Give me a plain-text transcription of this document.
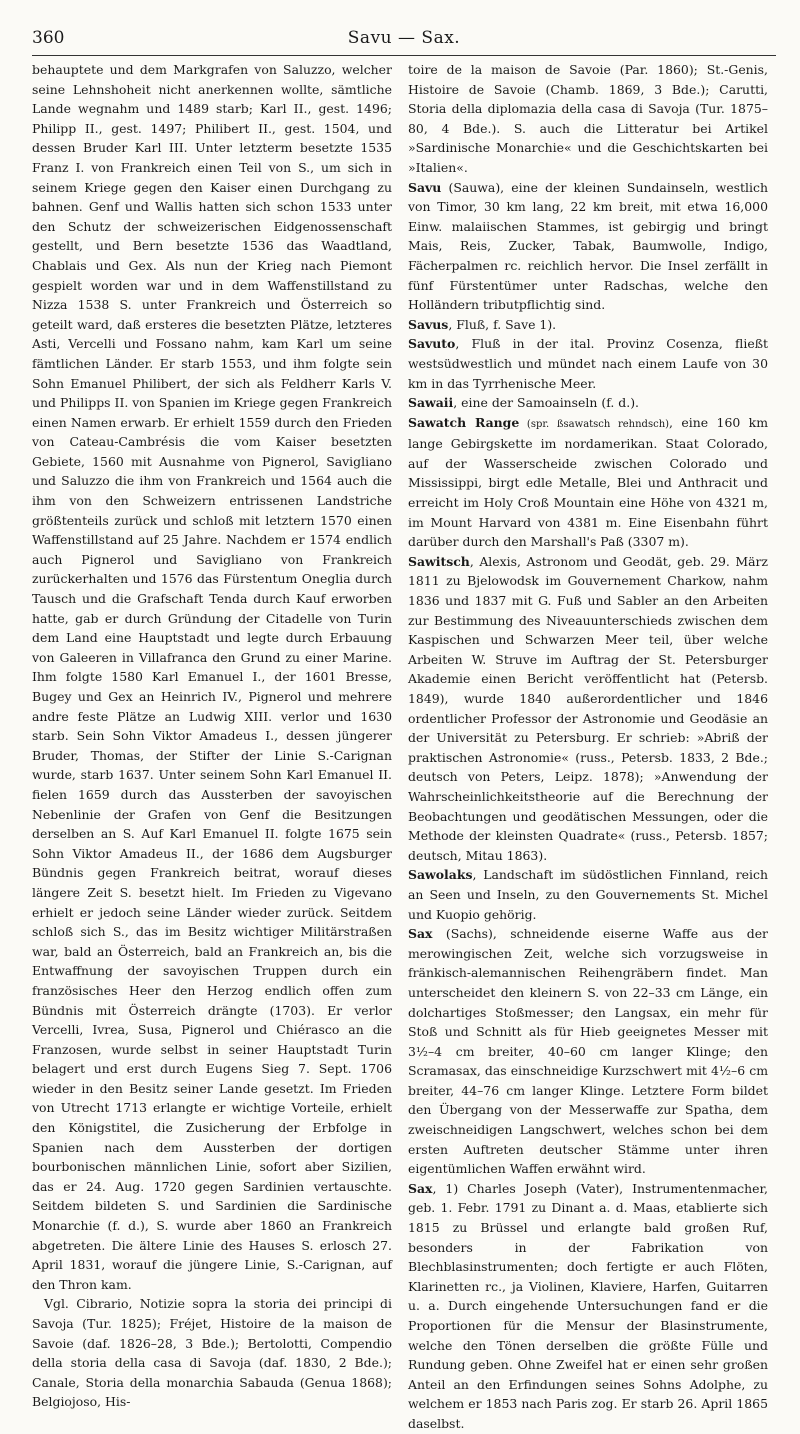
360	Savu — Sax.

behauptete und dem Markgrafen von Saluzzo, welcher seine Lehnshoheit nicht anerkennen wollte, sämtliche Lande wegnahm und 1489 starb; Karl II., gest. 1496; Philipp II., gest. 1497; Philibert II., gest. 1504, und dessen Bruder Karl III. Unter letzterm besetzte 1535 Franz I. von Frankreich einen Teil von S., um sich in seinem Kriege gegen den Kaiser einen Durchgang zu bahnen. Genf und Wallis hatten sich schon 1533 unter den Schutz der schweizerischen Eidgenossenschaft gestellt, und Bern besetzte 1536 das Waadtland, Chablais und Gex. Als nun der Krieg nach Piemont gespielt worden war und in dem Waffenstillstand zu Nizza 1538 S. unter Frankreich und Österreich so geteilt ward, daß ersteres die besetzten Plätze, letzteres Asti, Vercelli und Fossano nahm, kam Karl um seine fämtlichen Länder. Er starb 1553, und ihm folgte sein Sohn Emanuel Philibert, der sich als Feldherr Karls V. und Philipps II. von Spanien im Kriege gegen Frankreich einen Namen erwarb. Er erhielt 1559 durch den Frieden von Cateau-Cambrésis die vom Kaiser besetzten Gebiete, 1560 mit Ausnahme von Pignerol, Savigliano und Saluzzo die ihm von Frankreich und 1564 auch die ihm von den Schweizern entrissenen Landstriche größtenteils zurück und schloß mit letztern 1570 einen Waffenstillstand auf 25 Jahre. Nachdem er 1574 endlich auch Pignerol und Savigliano von Frankreich zurückerhalten und 1576 das Fürstentum Oneglia durch Tausch und die Grafschaft Tenda durch Kauf erworben hatte, gab er durch Gründung der Citadelle von Turin dem Land eine Hauptstadt und legte durch Erbauung von Galeeren in Villafranca den Grund zu einer Marine. Ihm folgte 1580 Karl Emanuel I., der 1601 Bresse, Bugey und Gex an Heinrich IV., Pignerol und mehrere andre feste Plätze an Ludwig XIII. verlor und 1630 starb. Sein Sohn Viktor Amadeus I., dessen jüngerer Bruder, Thomas, der Stifter der Linie S.-Carignan wurde, starb 1637. Unter seinem Sohn Karl Emanuel II. fielen 1659 durch das Aussterben der savoyischen Nebenlinie der Grafen von Genf die Besitzungen derselben an S. Auf Karl Emanuel II. folgte 1675 sein Sohn Viktor Amadeus II., der 1686 dem Augsburger Bündnis gegen Frankreich beitrat, worauf dieses längere Zeit S. besetzt hielt. Im Frieden zu Vigevano erhielt er jedoch seine Länder wieder zurück. Seitdem schloß sich S., das im Besitz wichtiger Militärstraßen war, bald an Österreich, bald an Frankreich an, bis die Entwaffnung der savoyischen Truppen durch ein französisches Heer den Herzog endlich offen zum Bündnis mit Österreich drängte (1703). Er verlor Vercelli, Ivrea, Susa, Pignerol und Chiérasco an die Franzosen, wurde selbst in seiner Hauptstadt Turin belagert und erst durch Eugens Sieg 7. Sept. 1706 wieder in den Besitz seiner Lande gesetzt. Im Frieden von Utrecht 1713 erlangte er wichtige Vorteile, erhielt den Königstitel, die Zusicherung der Erbfolge in Spanien nach dem Aussterben der dortigen bourbonischen männlichen Linie, sofort aber Sizilien, das er 24. Aug. 1720 gegen Sardinien vertauschte. Seitdem bildeten S. und Sardinien die Sardinische Monarchie (f. d.), S. wurde aber 1860 an Frankreich abgetreten. Die ältere Linie des Hauses S. erlosch 27. April 1831, worauf die jüngere Linie, S.-Carignan, auf den Thron kam.

Vgl. Cibrario, Notizie sopra la storia dei principi di Savoja (Tur. 1825); Fréjet, Histoire de la maison de Savoie (daf. 1826–28, 3 Bde.); Bertolotti, Compendio della storia della casa di Savoja (daf. 1830, 2 Bde.); Canale, Storia della monarchia Sabauda (Genua 1868); Belgiojoso, His-

toire de la maison de Savoie (Par. 1860); St.-Genis, Histoire de Savoie (Chamb. 1869, 3 Bde.); Carutti, Storia della diplomazia della casa di Savoja (Tur. 1875–80, 4 Bde.). S. auch die Litteratur bei Artikel »Sardinische Monarchie« und die Geschichtskarten bei »Italien«.

Savu (Sauwa), eine der kleinen Sundainseln, westlich von Timor, 30 km lang, 22 km breit, mit etwa 16,000 Einw. malaiischen Stammes, ist gebirgig und bringt Mais, Reis, Zucker, Tabak, Baumwolle, Indigo, Fächerpalmen rc. reichlich hervor. Die Insel zerfällt in fünf Fürstentümer unter Radschas, welche den Holländern tributpflichtig sind.

Savus, Fluß, f. Save 1).

Savuto, Fluß in der ital. Provinz Cosenza, fließt westsüdwestlich und mündet nach einem Laufe von 30 km in das Tyrrhenische Meer.

Sawaii, eine der Samoainseln (f. d.).

Sawatch Range (spr. ßsawatsch rehndsch), eine 160 km lange Gebirgskette im nordamerikan. Staat Colorado, auf der Wasserscheide zwischen Colorado und Mississippi, birgt edle Metalle, Blei und Anthracit und erreicht im Holy Croß Mountain eine Höhe von 4321 m, im Mount Harvard von 4381 m. Eine Eisenbahn führt darüber durch den Marshall's Paß (3307 m).

Sawitsch, Alexis, Astronom und Geodät, geb. 29. März 1811 zu Bjelowodsk im Gouvernement Charkow, nahm 1836 und 1837 mit G. Fuß und Sabler an den Arbeiten zur Bestimmung des Niveauunterschieds zwischen dem Kaspischen und Schwarzen Meer teil, über welche Arbeiten W. Struve im Auftrag der St. Petersburger Akademie einen Bericht veröffentlicht hat (Petersb. 1849), wurde 1840 außerordentlicher und 1846 ordentlicher Professor der Astronomie und Geodäsie an der Universität zu Petersburg. Er schrieb: »Abriß der praktischen Astronomie« (russ., Petersb. 1833, 2 Bde.; deutsch von Peters, Leipz. 1878); »Anwendung der Wahrscheinlichkeitstheorie auf die Berechnung der Beobachtungen und geodätischen Messungen, oder die Methode der kleinsten Quadrate« (russ., Petersb. 1857; deutsch, Mitau 1863).

Sawolaks, Landschaft im südöstlichen Finnland, reich an Seen und Inseln, zu den Gouvernements St. Michel und Kuopio gehörig.

Sax (Sachs), schneidende eiserne Waffe aus der merowingischen Zeit, welche sich vorzugsweise in fränkisch-alemannischen Reihengräbern findet. Man unterscheidet den kleinern S. von 22–33 cm Länge, ein dolchartiges Stoßmesser; den Langsax, ein mehr für Stoß und Schnitt als für Hieb geeignetes Messer mit 3½–4 cm breiter, 40–60 cm langer Klinge; den Scramasax, das einschneidige Kurzschwert mit 4½–6 cm breiter, 44–76 cm langer Klinge. Letztere Form bildet den Übergang von der Messerwaffe zur Spatha, dem zweischneidigen Langschwert, welches schon bei dem ersten Auftreten deutscher Stämme unter ihren eigentümlichen Waffen erwähnt wird.

Sax, 1) Charles Joseph (Vater), Instrumentenmacher, geb. 1. Febr. 1791 zu Dinant a. d. Maas, etablierte sich 1815 zu Brüssel und erlangte bald großen Ruf, besonders in der Fabrikation von Blechblasinstrumenten; doch fertigte er auch Flöten, Klarinetten rc., ja Violinen, Klaviere, Harfen, Guitarren u. a. Durch eingehende Untersuchungen fand er die Proportionen für die Mensur der Blasinstrumente, welche den Tönen derselben die größte Fülle und Rundung geben. Ohne Zweifel hat er einen sehr großen Anteil an den Erfindungen seines Sohns Adolphe, zu welchem er 1853 nach Paris zog. Er starb 26. April 1865 daselbst.
